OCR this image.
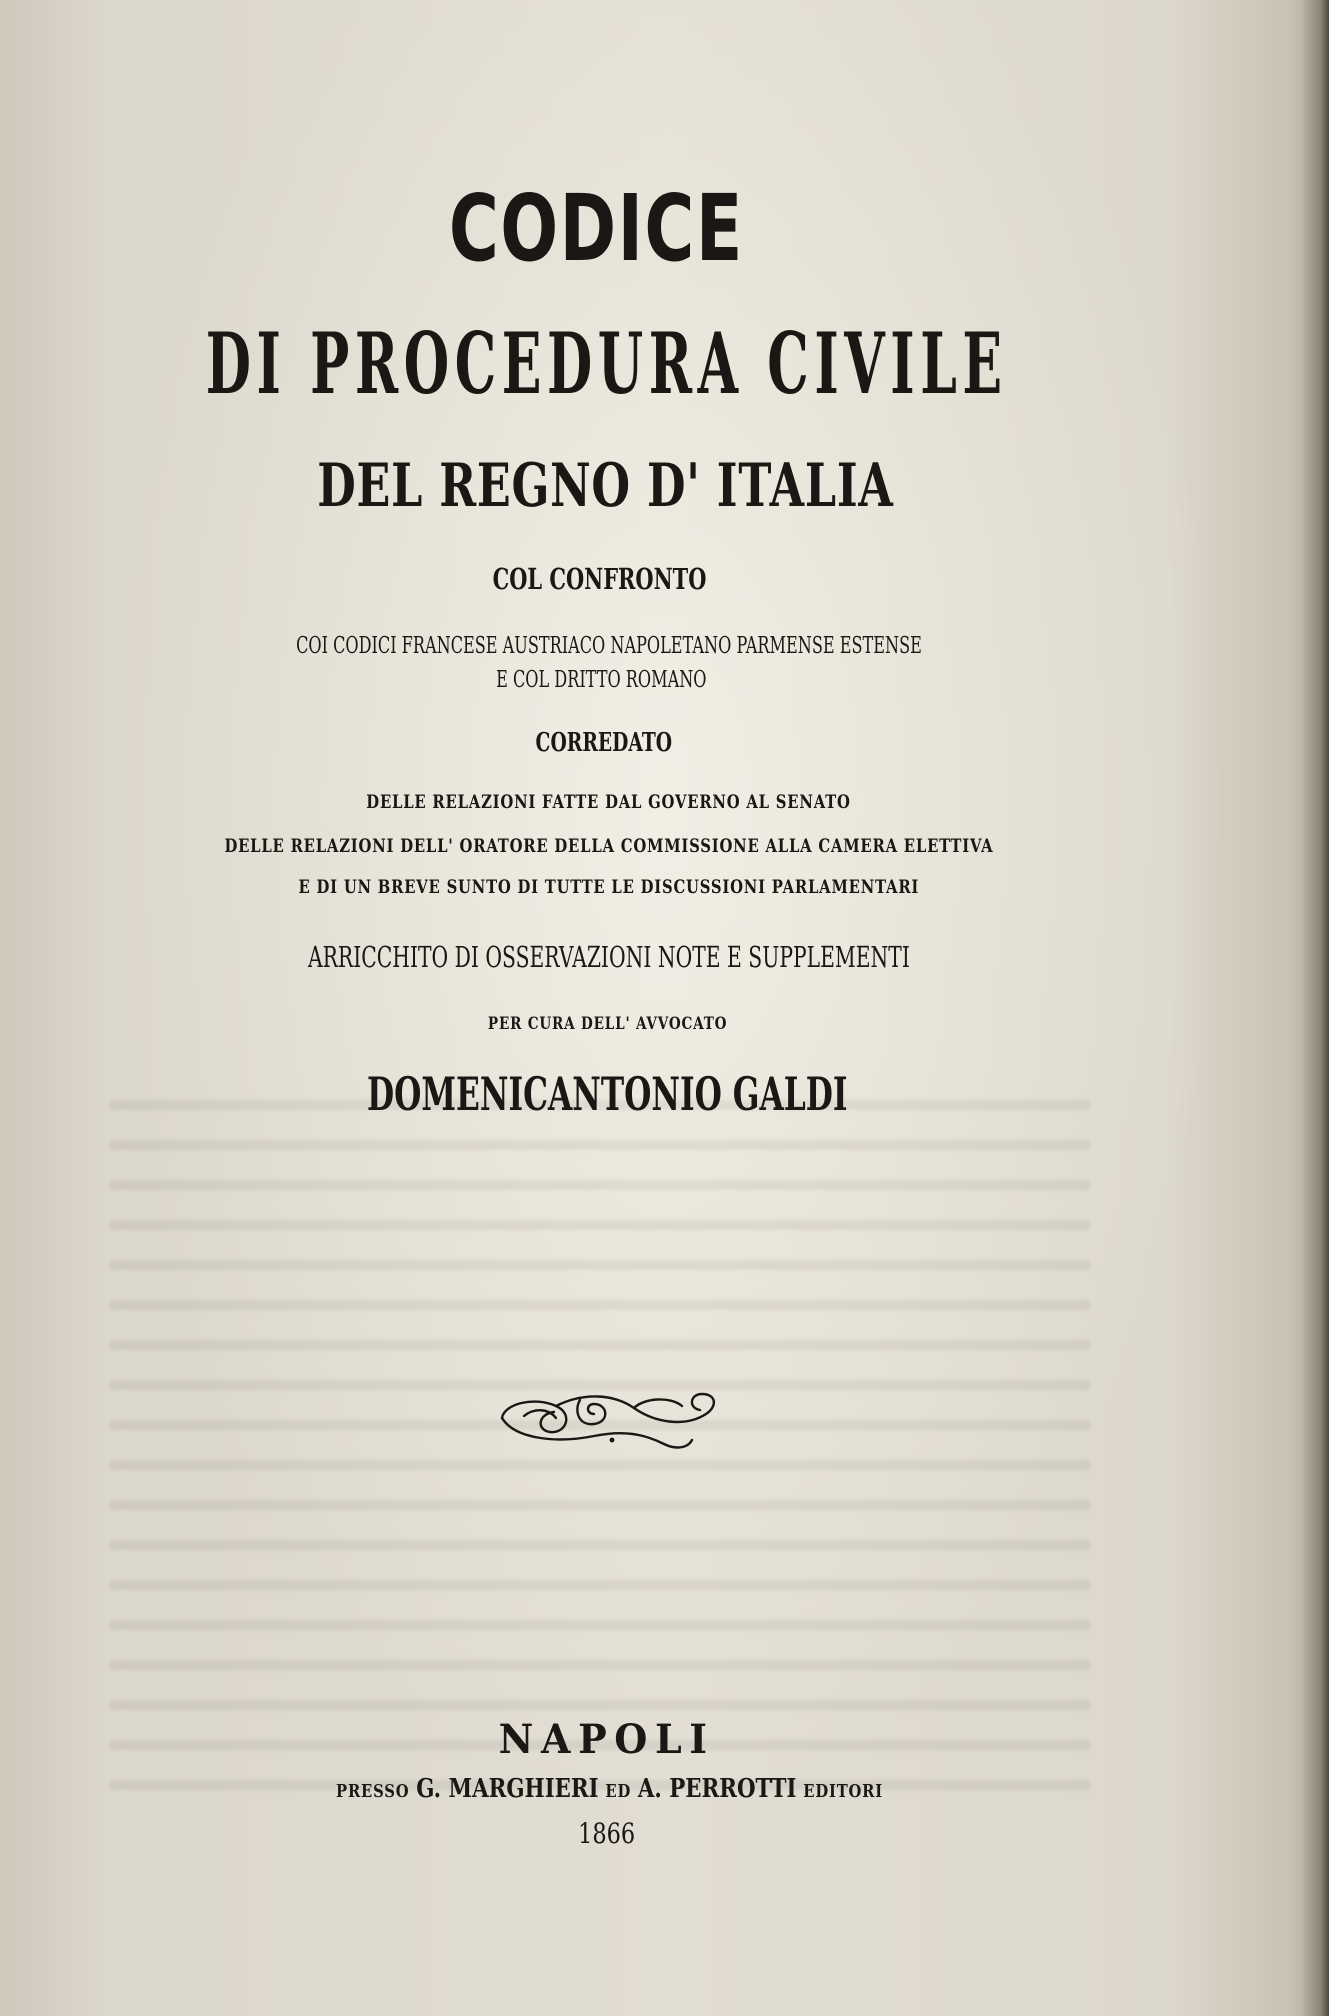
CODICE
DI PROCEDURA CIVILE
DEL REGNO D' ITALIA
COL CONFRONTO
COI CODICI FRANCESE AUSTRIACO NAPOLETANO PARMENSE ESTENSE
E COL DRITTO ROMANO
CORREDATO
DELLE RELAZIONI FATTE DAL GOVERNO AL SENATO
DELLE RELAZIONI DELL' ORATORE DELLA COMMISSIONE ALLA CAMERA ELETTIVA
E DI UN BREVE SUNTO DI TUTTE LE DISCUSSIONI PARLAMENTARI
ARRICCHITO DI OSSERVAZIONI NOTE E SUPPLEMENTI
PER CURA DELL' AVVOCATO
DOMENICANTONIO GALDI
NAPOLI
PRESSO G. MARGHIERI ED A. PERROTTI EDITORI
1866
